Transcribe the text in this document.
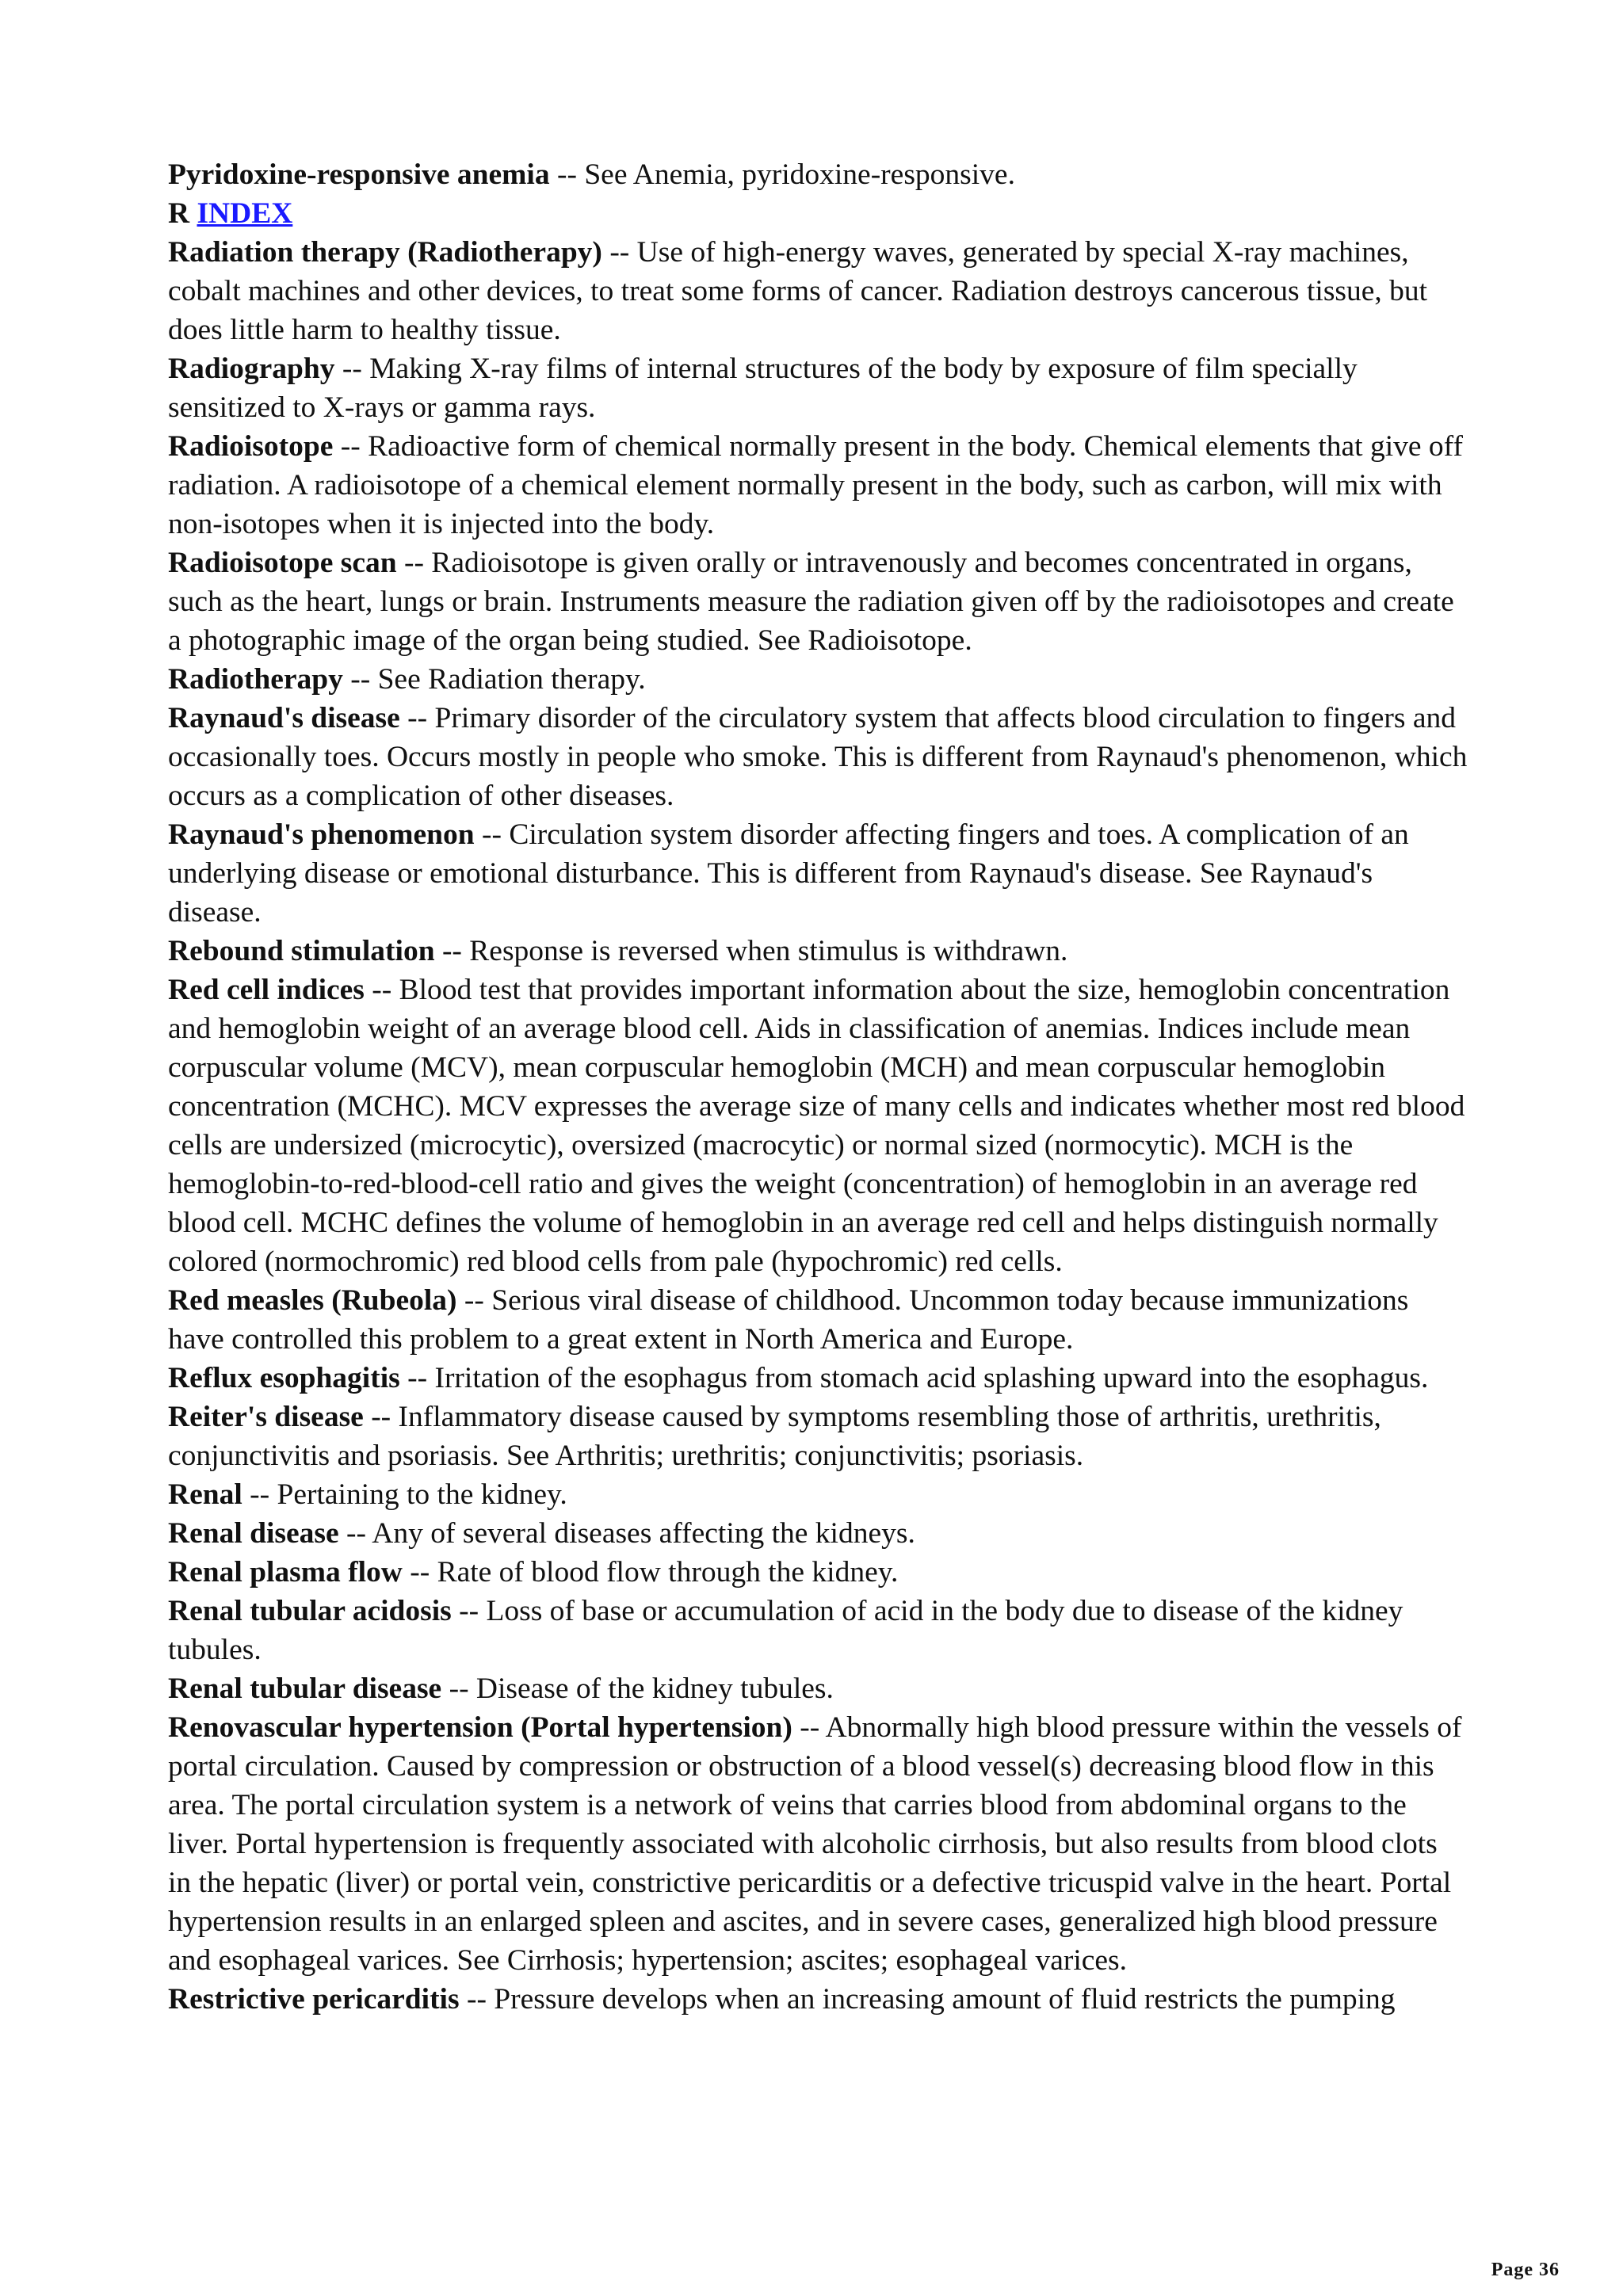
Pyridoxine-responsive anemia -- See Anemia, pyridoxine-responsive.

R INDEX

Radiation therapy (Radiotherapy) -- Use of high-energy waves, generated by special X-ray machines, cobalt machines and other devices, to treat some forms of cancer. Radiation destroys cancerous tissue, but does little harm to healthy tissue.

Radiography -- Making X-ray films of internal structures of the body by exposure of film specially sensitized to X-rays or gamma rays.

Radioisotope -- Radioactive form of chemical normally present in the body. Chemical elements that give off radiation. A radioisotope of a chemical element normally present in the body, such as carbon, will mix with non-isotopes when it is injected into the body.

Radioisotope scan -- Radioisotope is given orally or intravenously and becomes concentrated in organs, such as the heart, lungs or brain. Instruments measure the radiation given off by the radioisotopes and create a photographic image of the organ being studied. See Radioisotope.

Radiotherapy -- See Radiation therapy.

Raynaud's disease -- Primary disorder of the circulatory system that affects blood circulation to fingers and occasionally toes. Occurs mostly in people who smoke. This is different from Raynaud's phenomenon, which occurs as a complication of other diseases.

Raynaud's phenomenon -- Circulation system disorder affecting fingers and toes. A complication of an underlying disease or emotional disturbance. This is different from Raynaud's disease. See Raynaud's disease.

Rebound stimulation -- Response is reversed when stimulus is withdrawn.

Red cell indices -- Blood test that provides important information about the size, hemoglobin concentration and hemoglobin weight of an average blood cell. Aids in classification of anemias. Indices include mean corpuscular volume (MCV), mean corpuscular hemoglobin (MCH) and mean corpuscular hemoglobin concentration (MCHC). MCV expresses the average size of many cells and indicates whether most red blood cells are undersized (microcytic), oversized (macrocytic) or normal sized (normocytic). MCH is the hemoglobin-to-red-blood-cell ratio and gives the weight (concentration) of hemoglobin in an average red blood cell. MCHC defines the volume of hemoglobin in an average red cell and helps distinguish normally colored (normochromic) red blood cells from pale (hypochromic) red cells.

Red measles (Rubeola) -- Serious viral disease of childhood. Uncommon today because immunizations have controlled this problem to a great extent in North America and Europe.

Reflux esophagitis -- Irritation of the esophagus from stomach acid splashing upward into the esophagus.

Reiter's disease -- Inflammatory disease caused by symptoms resembling those of arthritis, urethritis, conjunctivitis and psoriasis. See Arthritis; urethritis; conjunctivitis; psoriasis.

Renal -- Pertaining to the kidney.

Renal disease -- Any of several diseases affecting the kidneys.

Renal plasma flow -- Rate of blood flow through the kidney.

Renal tubular acidosis -- Loss of base or accumulation of acid in the body due to disease of the kidney tubules.

Renal tubular disease -- Disease of the kidney tubules.

Renovascular hypertension (Portal hypertension) -- Abnormally high blood pressure within the vessels of portal circulation. Caused by compression or obstruction of a blood vessel(s) decreasing blood flow in this area. The portal circulation system is a network of veins that carries blood from abdominal organs to the liver. Portal hypertension is frequently associated with alcoholic cirrhosis, but also results from blood clots in the hepatic (liver) or portal vein, constrictive pericarditis or a defective tricuspid valve in the heart. Portal hypertension results in an enlarged spleen and ascites, and in severe cases, generalized high blood pressure and esophageal varices. See Cirrhosis; hypertension; ascites; esophageal varices.

Restrictive pericarditis -- Pressure develops when an increasing amount of fluid restricts the pumping

Page 36
